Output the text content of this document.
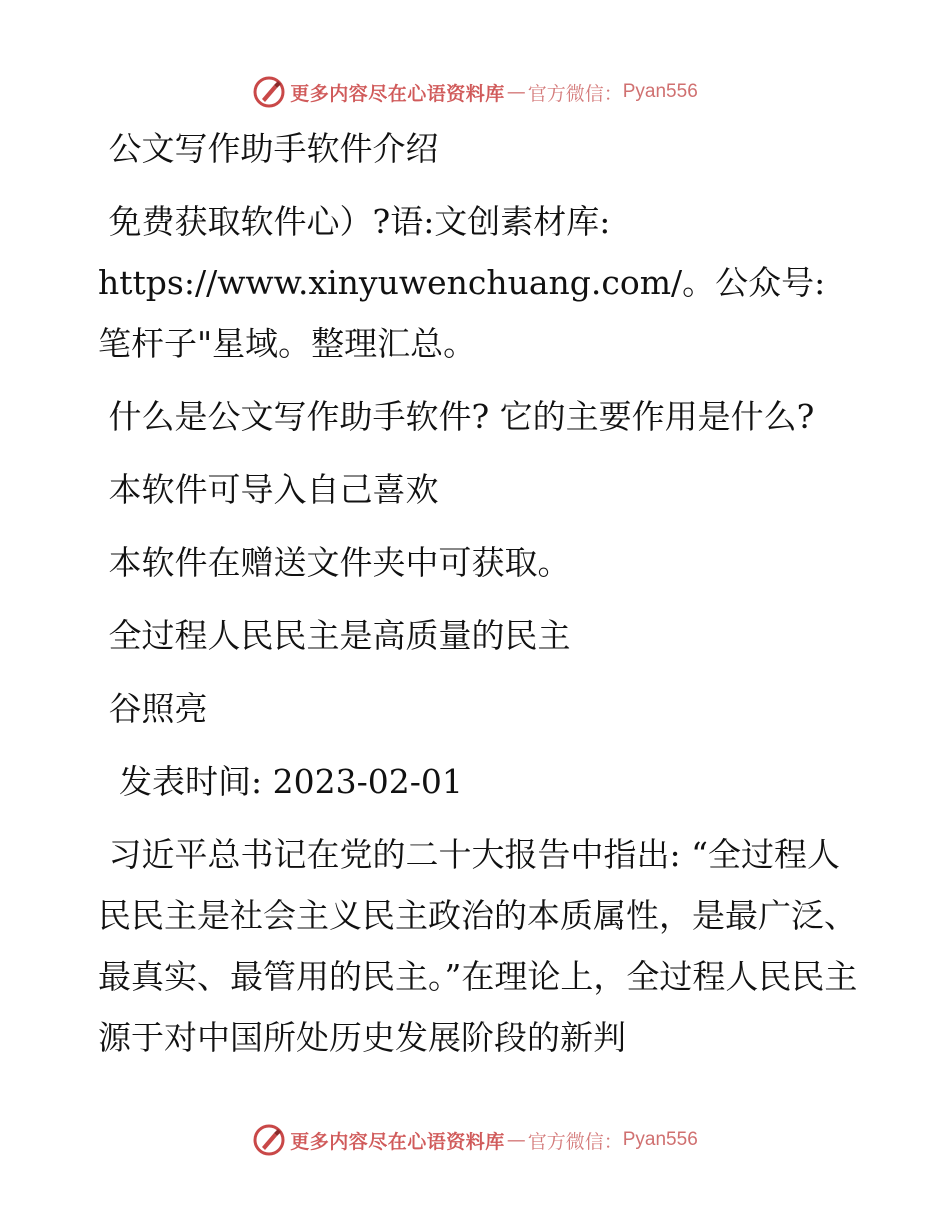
更多内容尽在心语资料库 — 官方微信： Pyan556

公文写作助手软件介绍

免费获取软件心）?语:文创素材库: https://www.xinyuwenchuang.com/。公众号: 笔杆子"星域。整理汇总。

什么是公文写作助手软件? 它的主要作用是什么?

本软件可导入自己喜欢

本软件在赠送文件夹中可获取。

全过程人民民主是高质量的民主

谷照亮

发表时间: 2023-02-01

习近平总书记在党的二十大报告中指出: “全过程人民民主是社会主义民主政治的本质属性，是最广泛、最真实、最管用的民主。”在理论上，全过程人民民主源于对中国所处历史发展阶段的新判

更多内容尽在心语资料库 — 官方微信： Pyan556
